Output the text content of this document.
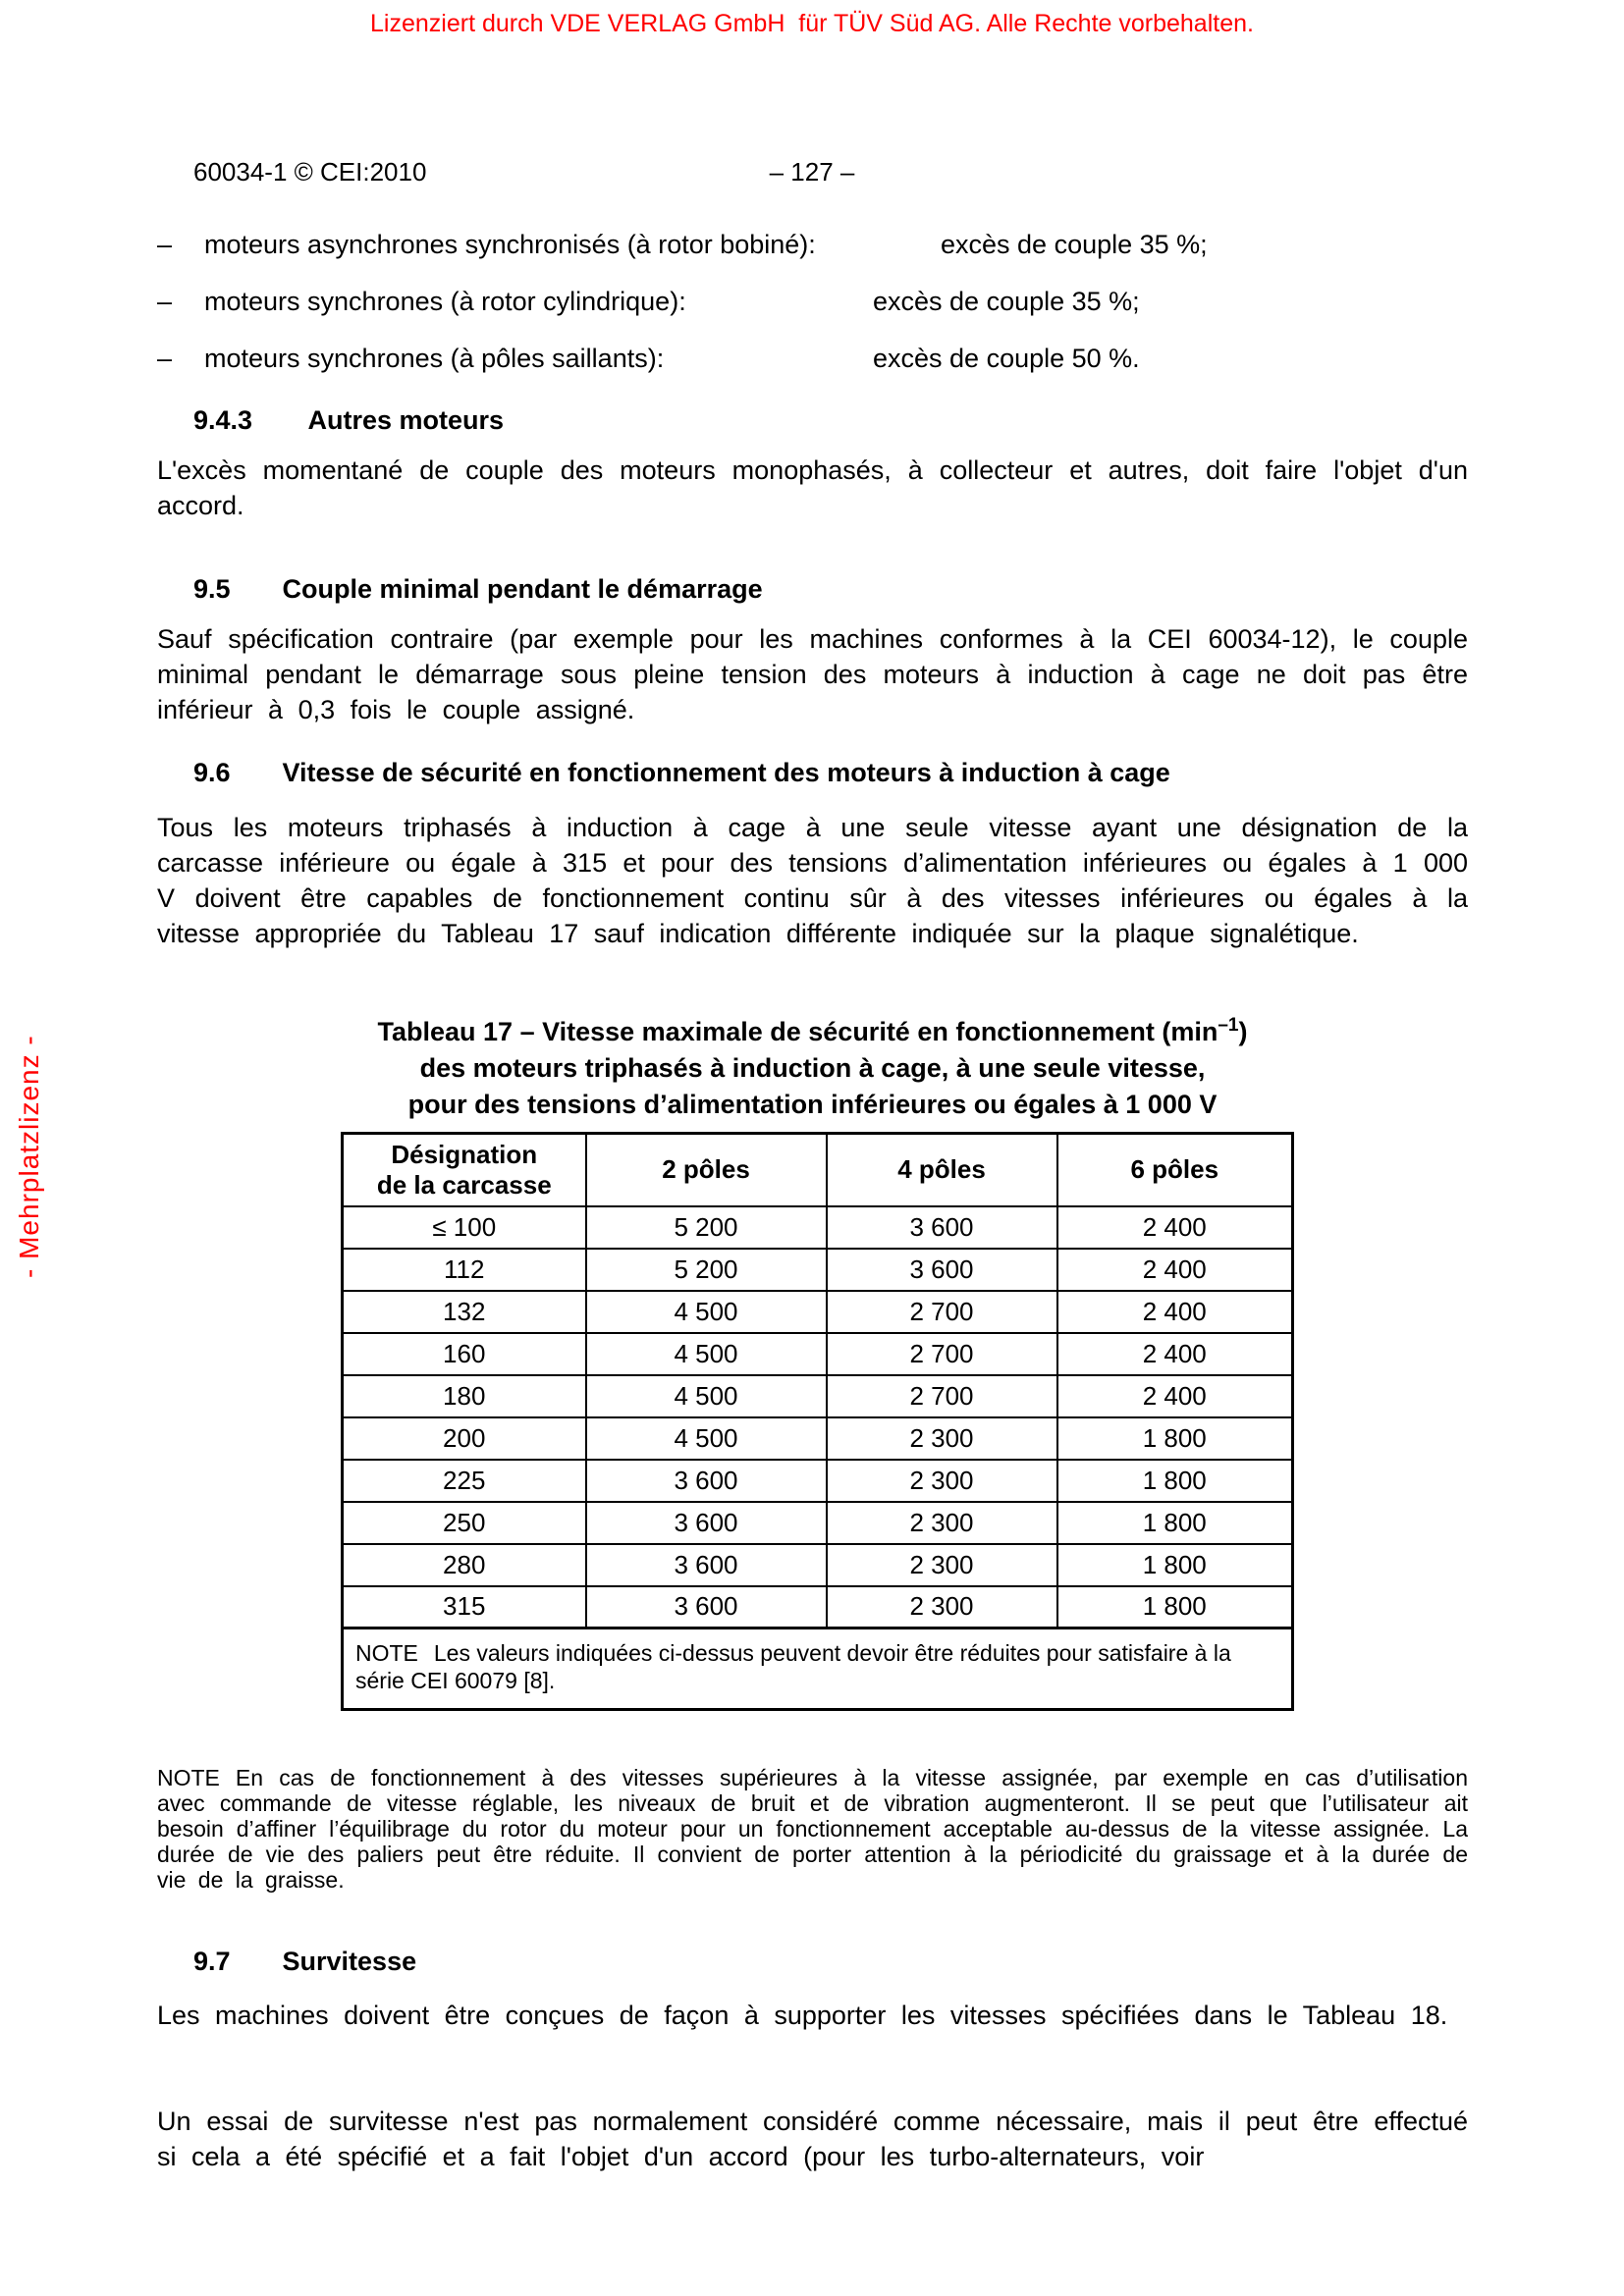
Lizenziert durch VDE VERLAG GmbH  für TÜV Süd AG. Alle Rechte vorbehalten.
- Mehrplatzlizenz -
60034-1 © CEI:2010	– 127 –
– moteurs asynchrones synchronisés (à rotor bobiné):	excès de couple 35 %;
– moteurs synchrones (à rotor cylindrique):	excès de couple 35 %;
– moteurs synchrones (à pôles saillants):	excès de couple 50 %.
9.4.3 Autres moteurs

L'excès momentané de couple des moteurs monophasés, à collecteur et autres, doit faire l'objet d'un accord.

9.5 Couple minimal pendant le démarrage

Sauf spécification contraire (par exemple pour les machines conformes à la CEI 60034-12), le couple minimal pendant le démarrage sous pleine tension des moteurs à induction à cage ne doit pas être inférieur à 0,3 fois le couple assigné.

9.6 Vitesse de sécurité en fonctionnement des moteurs à induction à cage

Tous les moteurs triphasés à induction à cage à une seule vitesse ayant une désignation de la carcasse inférieure ou égale à 315 et pour des tensions d’alimentation inférieures ou égales à 1 000 V doivent être capables de fonctionnement continu sûr à des vitesses inférieures ou égales à la vitesse appropriée du Tableau 17 sauf indication différente indiquée sur la plaque signalétique.

Tableau 17 – Vitesse maximale de sécurité en fonctionnement $(\min^{-1})$
des moteurs triphasés à induction à cage, à une seule vitesse,
pour des tensions d’alimentation inférieures ou égales à 1 000 V
Désignation
de la carcasse	2 pôles	4 pôles	6 pôles
≤ 100	5 200	3 600	2 400
112	5 200	3 600	2 400
132	4 500	2 700	2 400
160	4 500	2 700	2 400
180	4 500	2 700	2 400
200	4 500	2 300	1 800
225	3 600	2 300	1 800
250	3 600	2 300	1 800
280	3 600	2 300	1 800
315	3 600	2 300	1 800
NOTE Les valeurs indiquées ci-dessus peuvent devoir être réduites pour satisfaire à la série CEI 60079 [8].			

NOTE En cas de fonctionnement à des vitesses supérieures à la vitesse assignée, par exemple en cas d’utilisation avec commande de vitesse réglable, les niveaux de bruit et de vibration augmenteront. Il se peut que l’utilisateur ait besoin d’affiner l’équilibrage du rotor du moteur pour un fonctionnement acceptable au-dessus de la vitesse assignée. La durée de vie des paliers peut être réduite. Il convient de porter attention à la périodicité du graissage et à la durée de vie de la graisse.

9.7 Survitesse

Les machines doivent être conçues de façon à supporter les vitesses spécifiées dans le Tableau 18.

Un essai de survitesse n'est pas normalement considéré comme nécessaire, mais il peut être effectué si cela a été spécifié et a fait l'objet d'un accord (pour les turbo-alternateurs, voir
